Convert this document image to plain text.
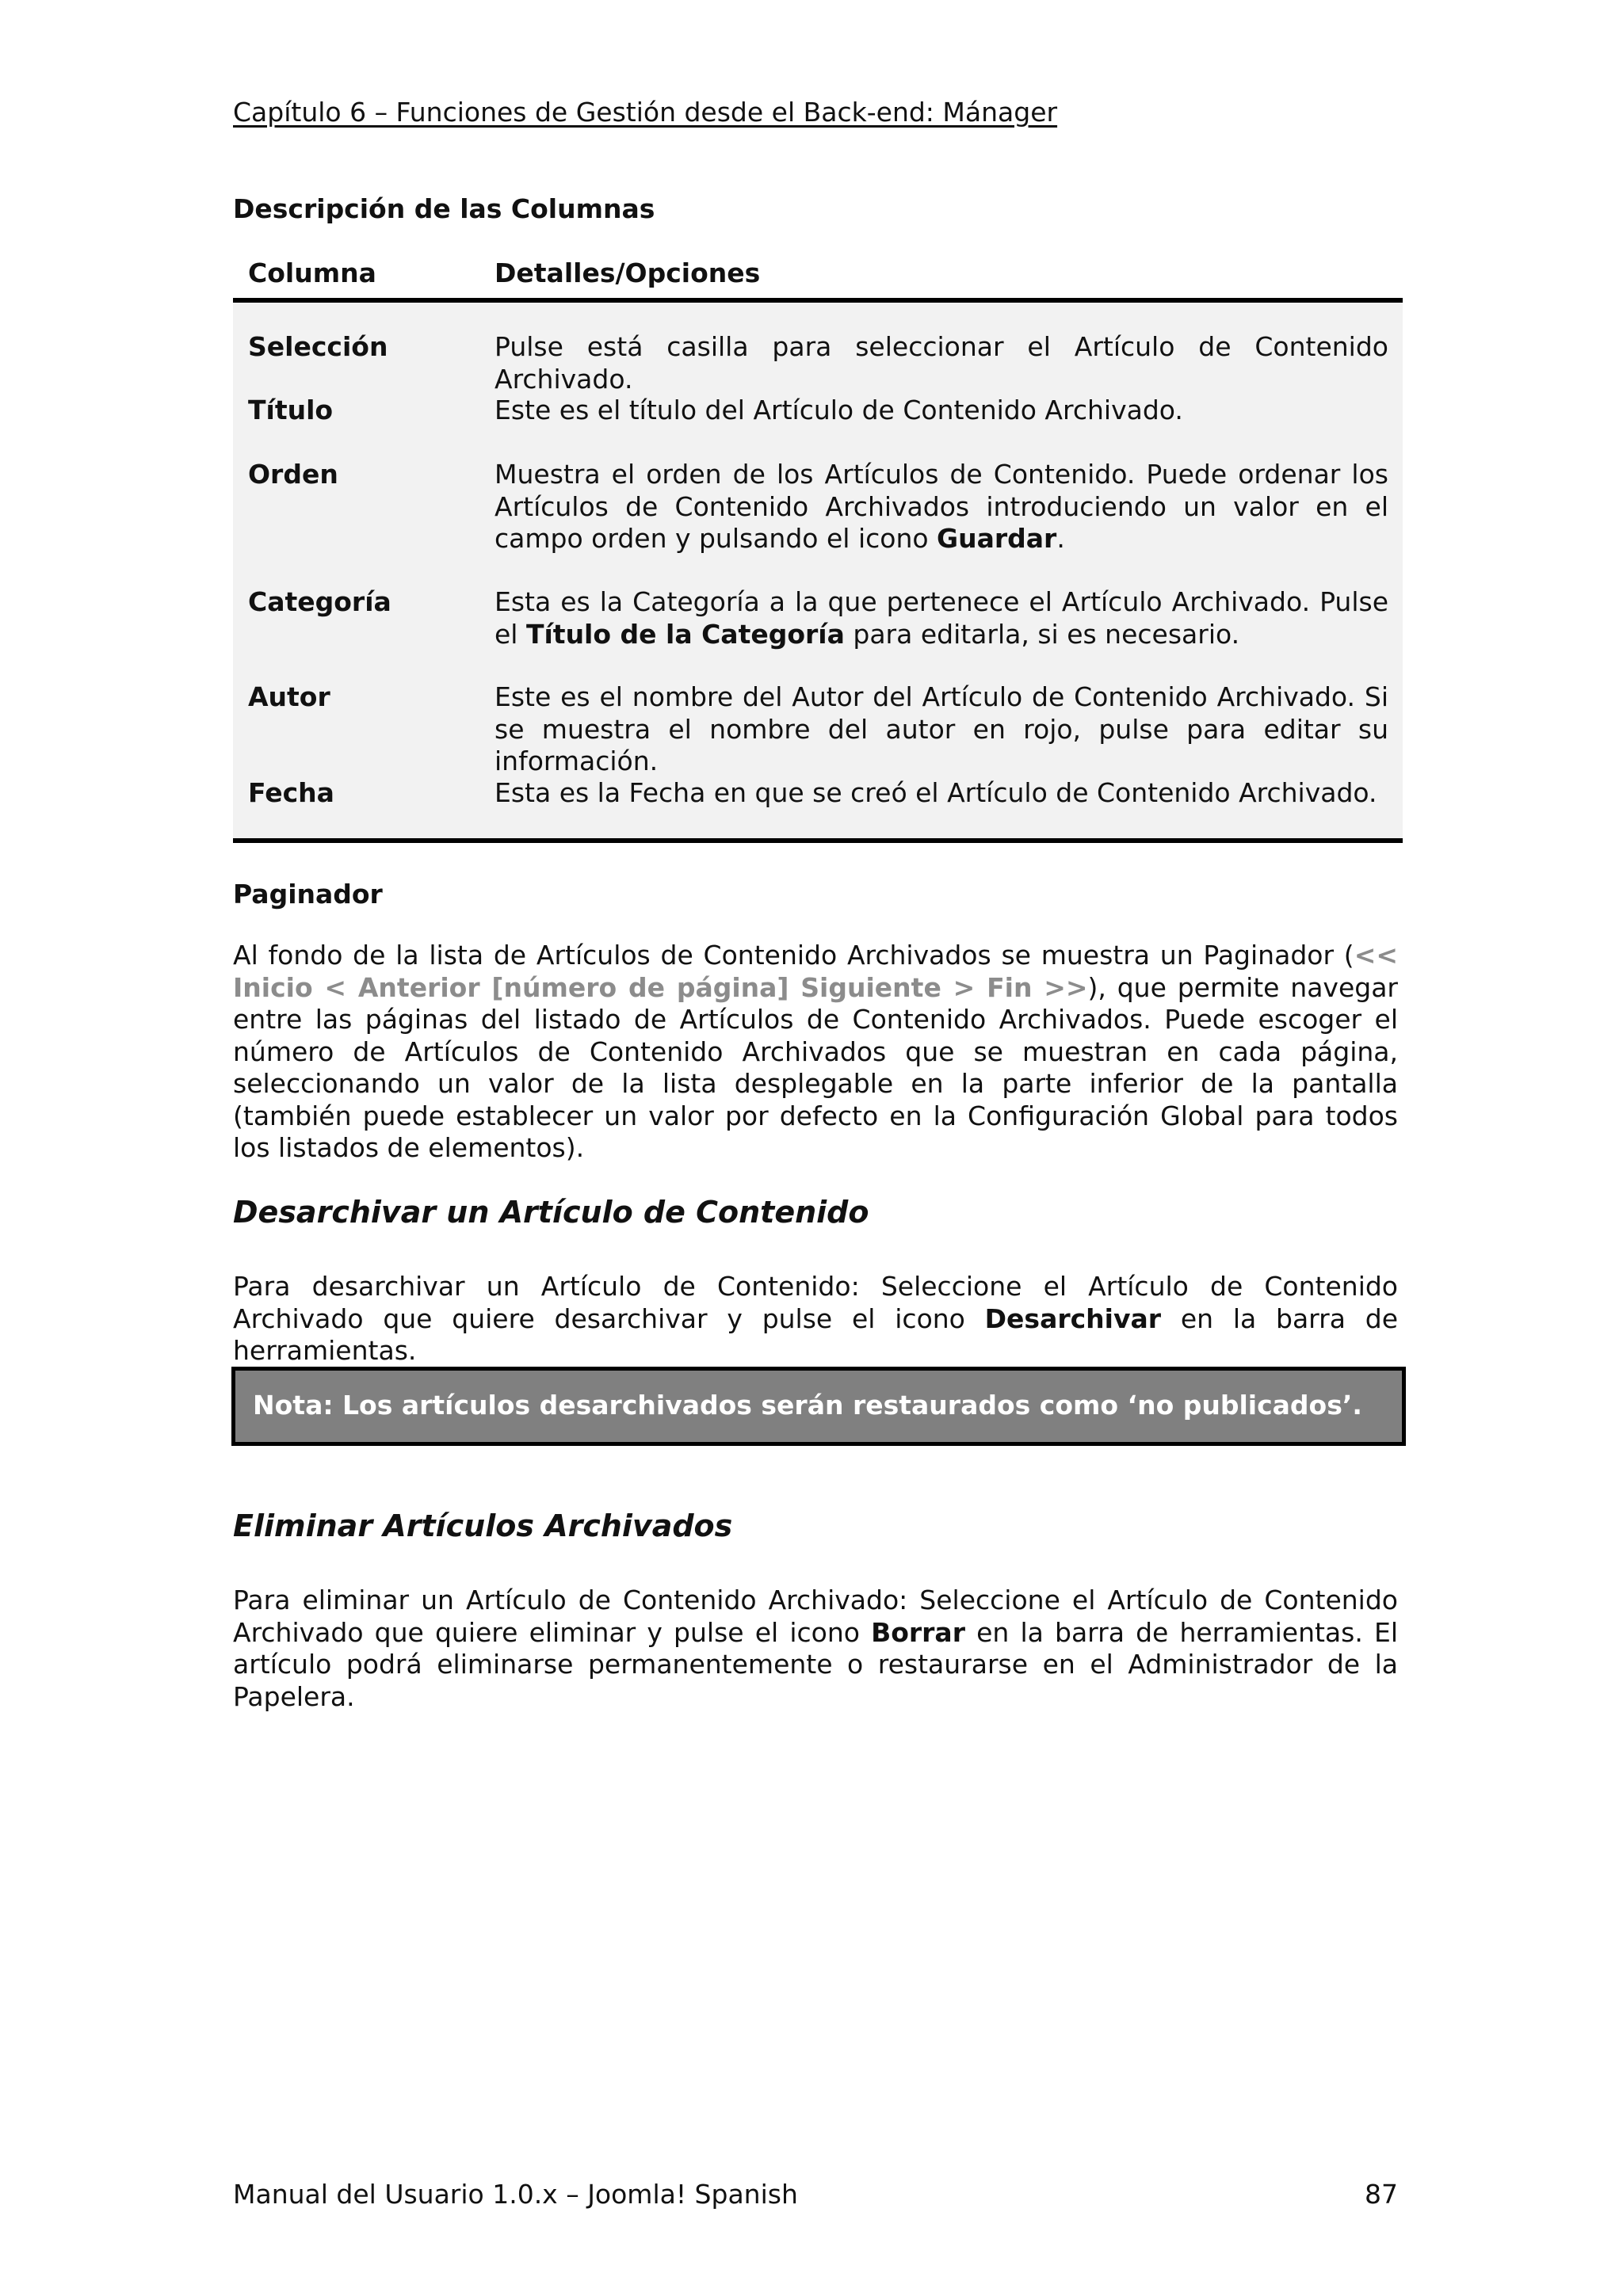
Capítulo 6 – Funciones de Gestión desde el Back-end: Mánager
Descripción de las Columnas
Columna	Detalles/Opciones
Selección	Pulse está casilla para seleccionar el Artículo de Contenido Archivado.
Título	Este es el título del Artículo de Contenido Archivado.
Orden	Muestra el orden de los Artículos de Contenido. Puede ordenar los Artículos de Contenido Archivados introduciendo un valor en el campo orden y pulsando el icono Guardar.
Categoría	Esta es la Categoría a la que pertenece el Artículo Archivado. Pulse el Título de la Categoría para editarla, si es necesario.
Autor	Este es el nombre del Autor del Artículo de Contenido Archivado. Si se muestra el nombre del autor en rojo, pulse para editar su información.
Fecha	Esta es la Fecha en que se creó el Artículo de Contenido Archivado.
Paginador
Al fondo de la lista de Artículos de Contenido Archivados se muestra un Paginador (<< Inicio < Anterior [número de página] Siguiente > Fin >>), que permite navegar entre las páginas del listado de Artículos de Contenido Archivados. Puede escoger el número de Artículos de Contenido Archivados que se muestran en cada página, seleccionando un valor de la lista desplegable en la parte inferior de la pantalla (también puede establecer un valor por defecto en la Configuración Global para todos los listados de elementos).
Desarchivar un Artículo de Contenido
Para desarchivar un Artículo de Contenido: Seleccione el Artículo de Contenido Archivado que quiere desarchivar y pulse el icono Desarchivar en la barra de herramientas.
Nota: Los artículos desarchivados serán restaurados como ‘no publicados’.
Eliminar Artículos Archivados
Para eliminar un Artículo de Contenido Archivado: Seleccione el Artículo de Contenido Archivado que quiere eliminar y pulse el icono Borrar en la barra de herramientas. El artículo podrá eliminarse permanentemente o restaurarse en el Administrador de la Papelera.
Manual del Usuario 1.0.x – Joomla! Spanish	87
